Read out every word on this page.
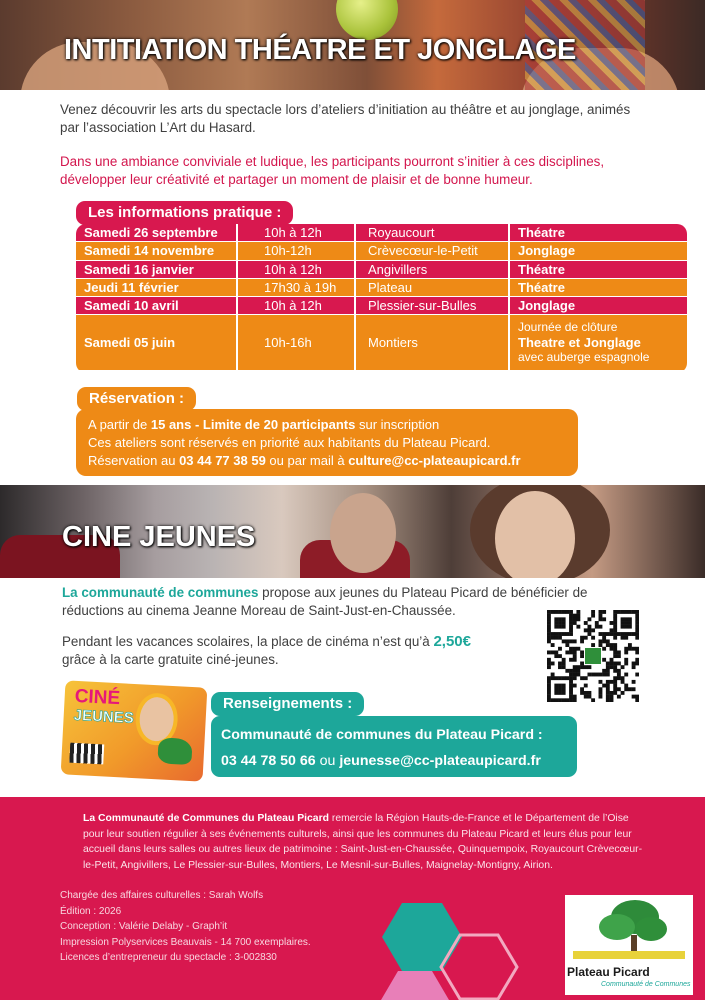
INTITIATION THÉATRE ET JONGLAGE

Venez découvrir les arts du spectacle lors d’ateliers d’initiation au théâtre et au jonglage, animés par l’association L’Art du Hasard.

Dans une ambiance conviviale et ludique, les participants pourront s’initier à ces disciplines, développer leur créativité et partager un moment de plaisir et de bonne humeur.

Les informations pratique :
Samedi 26 septembre	10h à 12h	Royaucourt	Théatre
Samedi 14 novembre	10h-12h	Crèvecœur-le-Petit	Jonglage
Samedi 16 janvier	10h à 12h	Angivillers	Théatre
Jeudi 11 février	17h30 à 19h	Plateau	Théatre
Samedi 10 avril	10h à 12h	Plessier-sur-Bulles	Jonglage
Samedi 05 juin	10h-16h	Montiers
Journée de clôture
Theatre et Jonglage
avec auberge espagnole
Réservation :
A partir de 15 ans - Limite de 20 participants sur inscription
Ces ateliers sont réservés en priorité aux habitants du Plateau Picard.
Réservation au 03 44 77 38 59 ou par mail à culture@cc-plateaupicard.fr
CINE JEUNES
La communauté de communes propose aux jeunes du Plateau Picard de bénéficier de
réductions au cinema Jeanne Moreau de Saint-Just-en-Chaussée.
Pendant les vacances scolaires, la place de cinéma n’est qu’à 2,50€
grâce à la carte gratuite ciné-jeunes.
CINÉ
JEUNES
Renseignements :
Communauté de communes du Plateau Picard :
03 44 78 50 66 ou jeunesse@cc-plateaupicard.fr

La Communauté de Communes du Plateau Picard remercie la Région Hauts-de-France et le Département de l’Oise pour leur soutien régulier à ses événements culturels, ainsi que les communes du Plateau Picard et leurs élus pour leur accueil dans leurs salles ou autres lieux de patrimoine : Saint-Just-en-Chaussée, Quinquempoix, Royaucourt Crèvecœur-le-Petit, Angivillers, Le Plessier-sur-Bulles, Montiers, Le Mesnil-sur-Bulles, Maignelay-Montigny, Airion.

Chargée des affaires culturelles : Sarah Wolfs
Édition : 2026
Conception : Valérie Delaby - Graph’it
Impression Polyservices Beauvais - 14 700 exemplaires.
Licences d’entrepreneur du spectacle : 3-002830
Plateau Picard
Communauté de Communes
